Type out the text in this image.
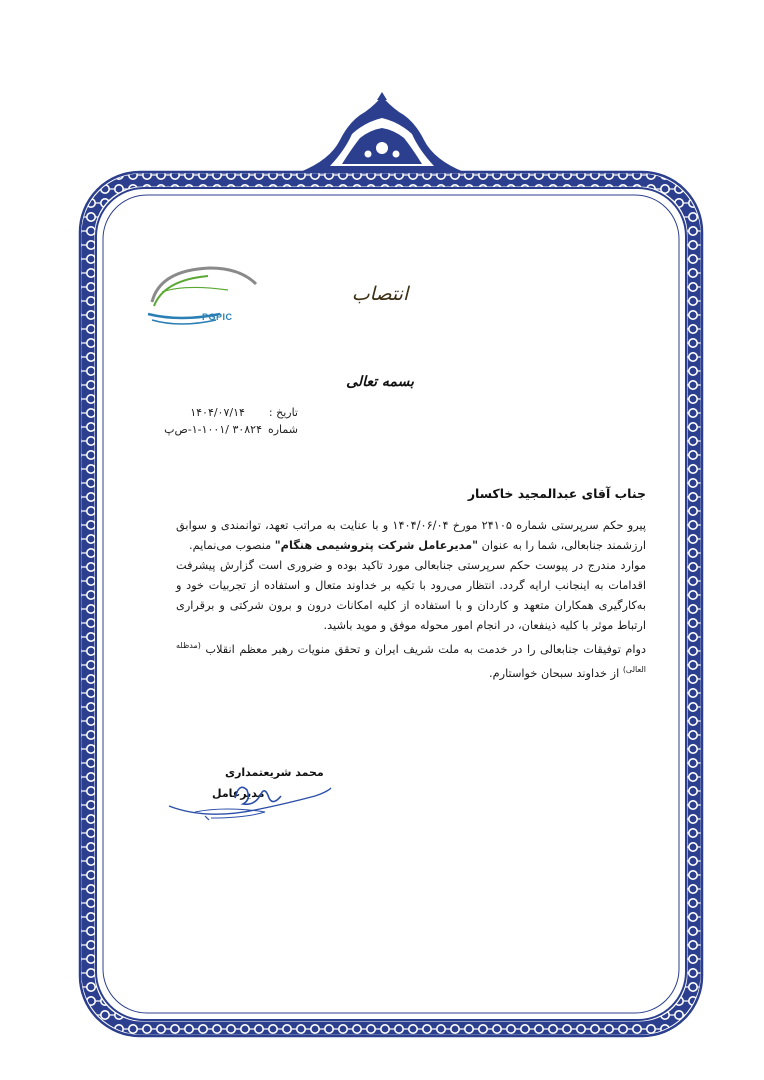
PGPIC
انتصاب
بسمه تعالی
تاریخ :
۱۴۰۴/۰۷/۱۴
شماره
۳۰۸۲۴ /۱-۱۰۰۱-ص‌پ
جناب آقای عبدالمجید خاکسار

پیرو حکم سرپرستی شماره ۲۴۱۰۵ مورخ ۱۴۰۴/۰۶/۰۴ و با عنایت به مراتب تعهد، توانمندی و سوابق ارزشمند جنابعالی، شما را به عنوان "مدیرعامل شرکت پتروشیمی هنگام" منصوب می‌نمایم.

موارد مندرج در پیوست حکم سرپرستی جنابعالی مورد تاکید بوده و ضروری است گزارش پیشرفت اقدامات به اینجانب ارایه گردد. انتظار می‌رود با تکیه بر خداوند متعال و استفاده از تجربیات خود و به‌کارگیری همکاران متعهد و کاردان و با استفاده از کلیه امکانات درون و برون شرکتی و برقراری ارتباط موثر با کلیه ذینفعان، در انجام امور محوله موفق و موید باشید.

دوام توفیقات جنابعالی را در خدمت به ملت شریف ایران و تحقق منویات رهبر معظم انقلاب $^{(مدظله العالی)}$ از خداوند سبحان خواستارم.

محمد شریعتمداری
مدیرعامل
